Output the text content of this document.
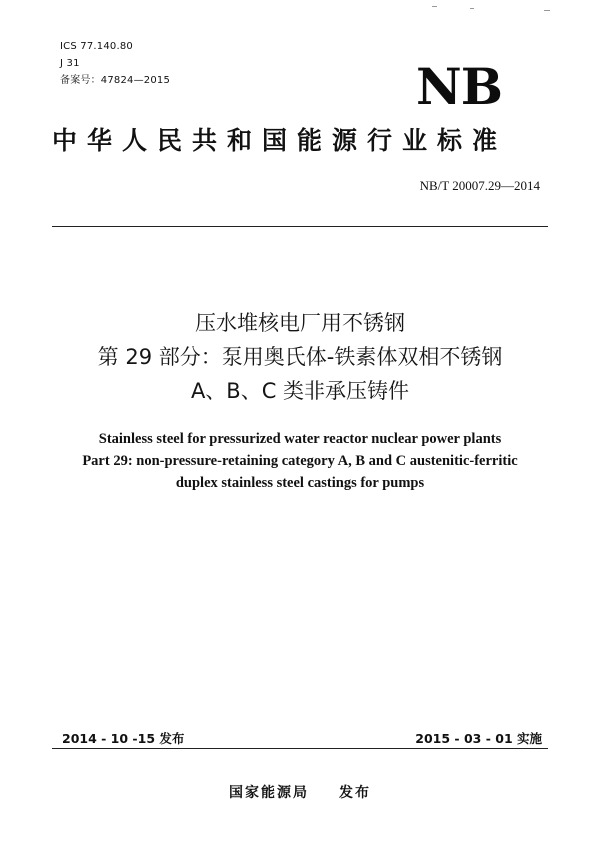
ICS 77.140.80
J 31
备案号：47824—2015	NB
中华人民共和国能源行业标准
NB/T 20007.29—2014
压水堆核电厂用不锈钢
第 29 部分：泵用奥氏体-铁素体双相不锈钢
A、B、C 类非承压铸件
Stainless steel for pressurized water reactor nuclear power plants
Part 29: non-pressure-retaining category A, B and C austenitic-ferritic
duplex stainless steel castings for pumps
2014 - 10 -15 发布	2015 - 03 - 01 实施
国家能源局 发布
